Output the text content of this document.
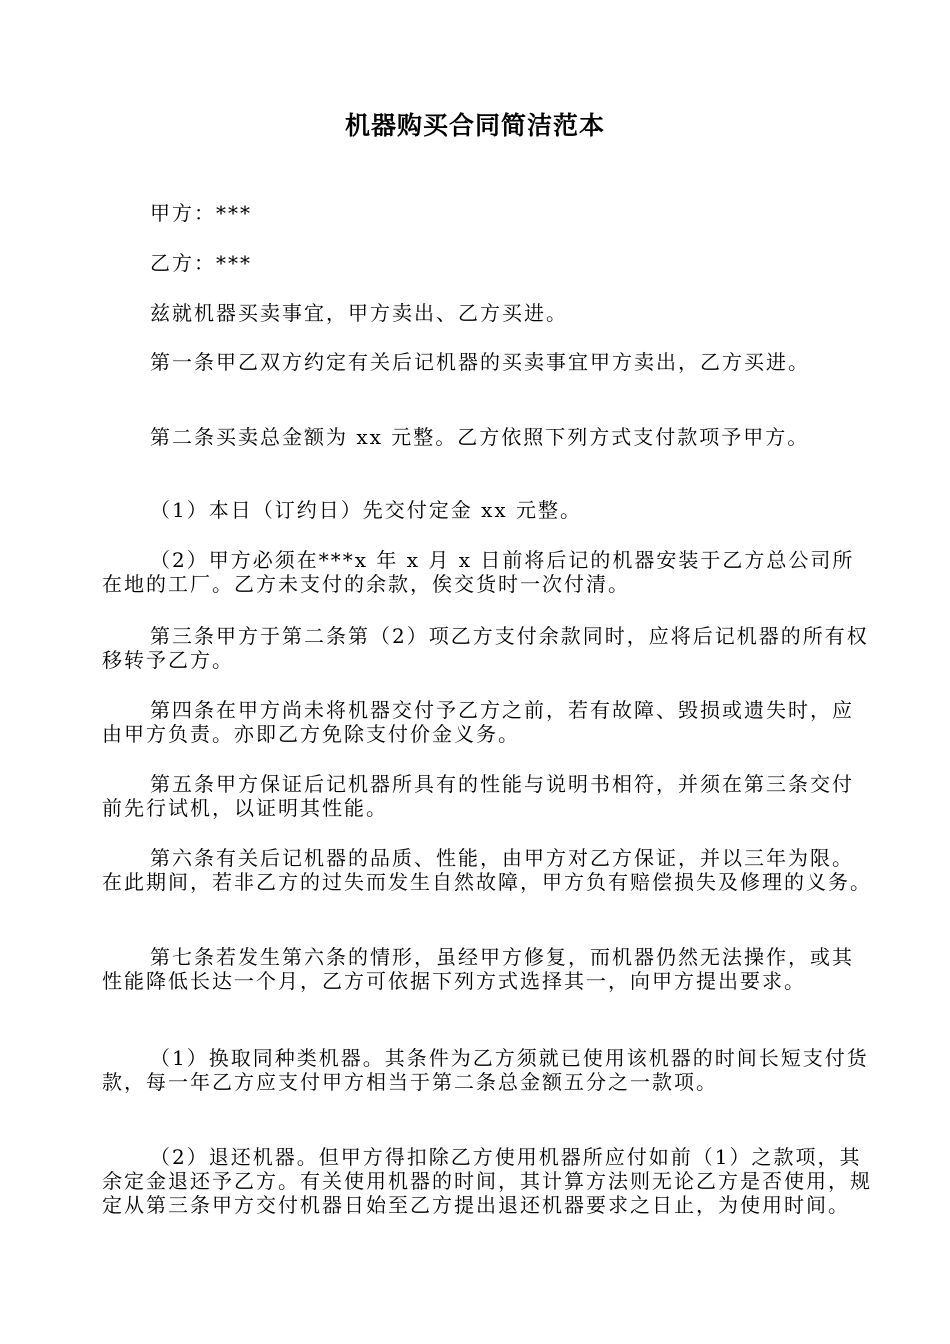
机器购买合同简洁范本

甲方：***

乙方：***

兹就机器买卖事宜，甲方卖出、乙方买进。

第一条甲乙双方约定有关后记机器的买卖事宜甲方卖出，乙方买进。

第二条买卖总金额为 xx 元整。乙方依照下列方式支付款项予甲方。

（1）本日（订约日）先交付定金 xx 元整。

（2）甲方必须在***x 年 x 月 x 日前将后记的机器安装于乙方总公司所在地的工厂。乙方未支付的余款，俟交货时一次付清。

第三条甲方于第二条第（2）项乙方支付余款同时，应将后记机器的所有权移转予乙方。

第四条在甲方尚未将机器交付予乙方之前，若有故障、毁损或遗失时，应由甲方负责。亦即乙方免除支付价金义务。

第五条甲方保证后记机器所具有的性能与说明书相符，并须在第三条交付前先行试机，以证明其性能。

第六条有关后记机器的品质、性能，由甲方对乙方保证，并以三年为限。在此期间，若非乙方的过失而发生自然故障，甲方负有赔偿损失及修理的义务。

第七条若发生第六条的情形，虽经甲方修复，而机器仍然无法操作，或其性能降低长达一个月，乙方可依据下列方式选择其一，向甲方提出要求。

（1）换取同种类机器。其条件为乙方须就已使用该机器的时间长短支付货款，每一年乙方应支付甲方相当于第二条总金额五分之一款项。

（2）退还机器。但甲方得扣除乙方使用机器所应付如前（1）之款项，其余定金退还予乙方。有关使用机器的时间，其计算方法则无论乙方是否使用，规定从第三条甲方交付机器日始至乙方提出退还机器要求之日止，为使用时间。
